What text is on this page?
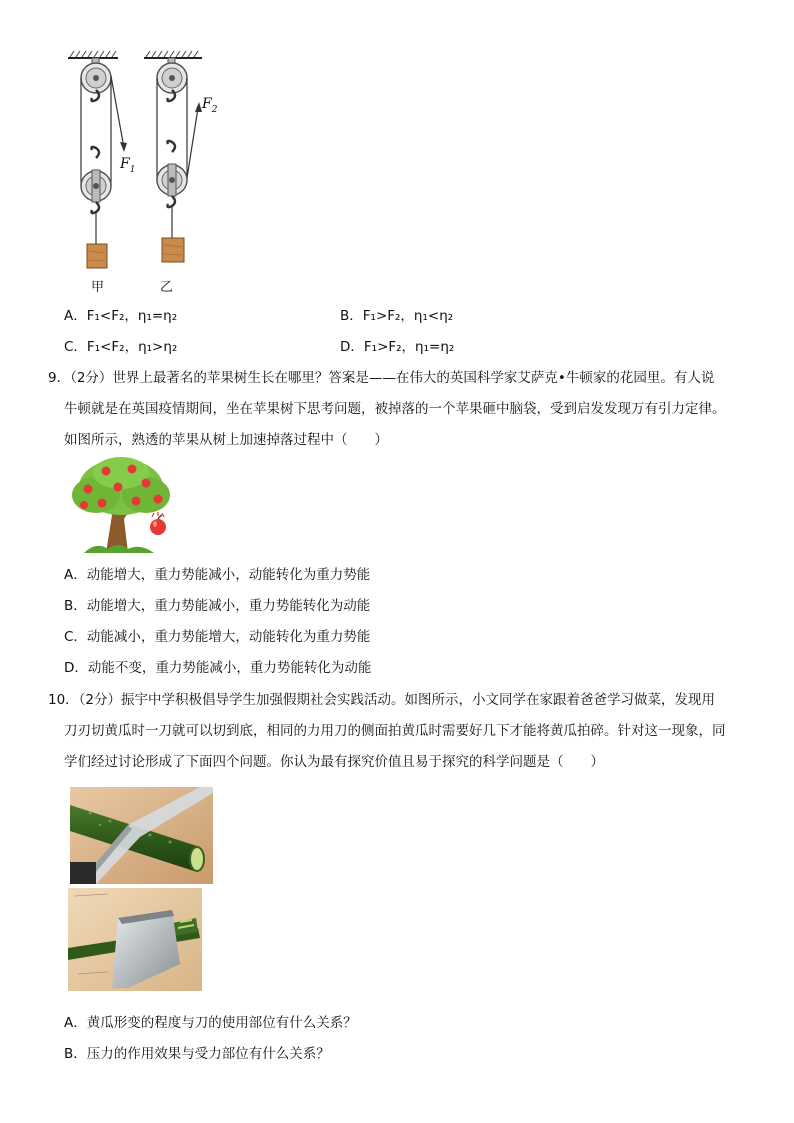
$F_1$
$F_2$
甲	乙
A．F₁<F₂，η₁=η₂	B．F₁>F₂，η₁<η₂
C．F₁<F₂，η₁>η₂	D．F₁>F₂，η₁=η₂
9．（2分）世界上最著名的苹果树生长在哪里？答案是——在伟大的英国科学家艾萨克•牛顿家的花园里。有人说
牛顿就是在英国疫情期间，坐在苹果树下思考问题，被掉落的一个苹果砸中脑袋，受到启发发现万有引力定律。
如图所示，熟透的苹果从树上加速掉落过程中（　　）
A．动能增大，重力势能减小，动能转化为重力势能
B．动能增大，重力势能减小，重力势能转化为动能
C．动能减小，重力势能增大，动能转化为重力势能
D．动能不变，重力势能减小，重力势能转化为动能
10．（2分）振宇中学积极倡导学生加强假期社会实践活动。如图所示，小文同学在家跟着爸爸学习做菜，发现用
刀刃切黄瓜时一刀就可以切到底，相同的力用刀的侧面拍黄瓜时需要好几下才能将黄瓜拍碎。针对这一现象，同
学们经过讨论形成了下面四个问题。你认为最有探究价值且易于探究的科学问题是（　　）
A．黄瓜形变的程度与刀的使用部位有什么关系？
B．压力的作用效果与受力部位有什么关系？
